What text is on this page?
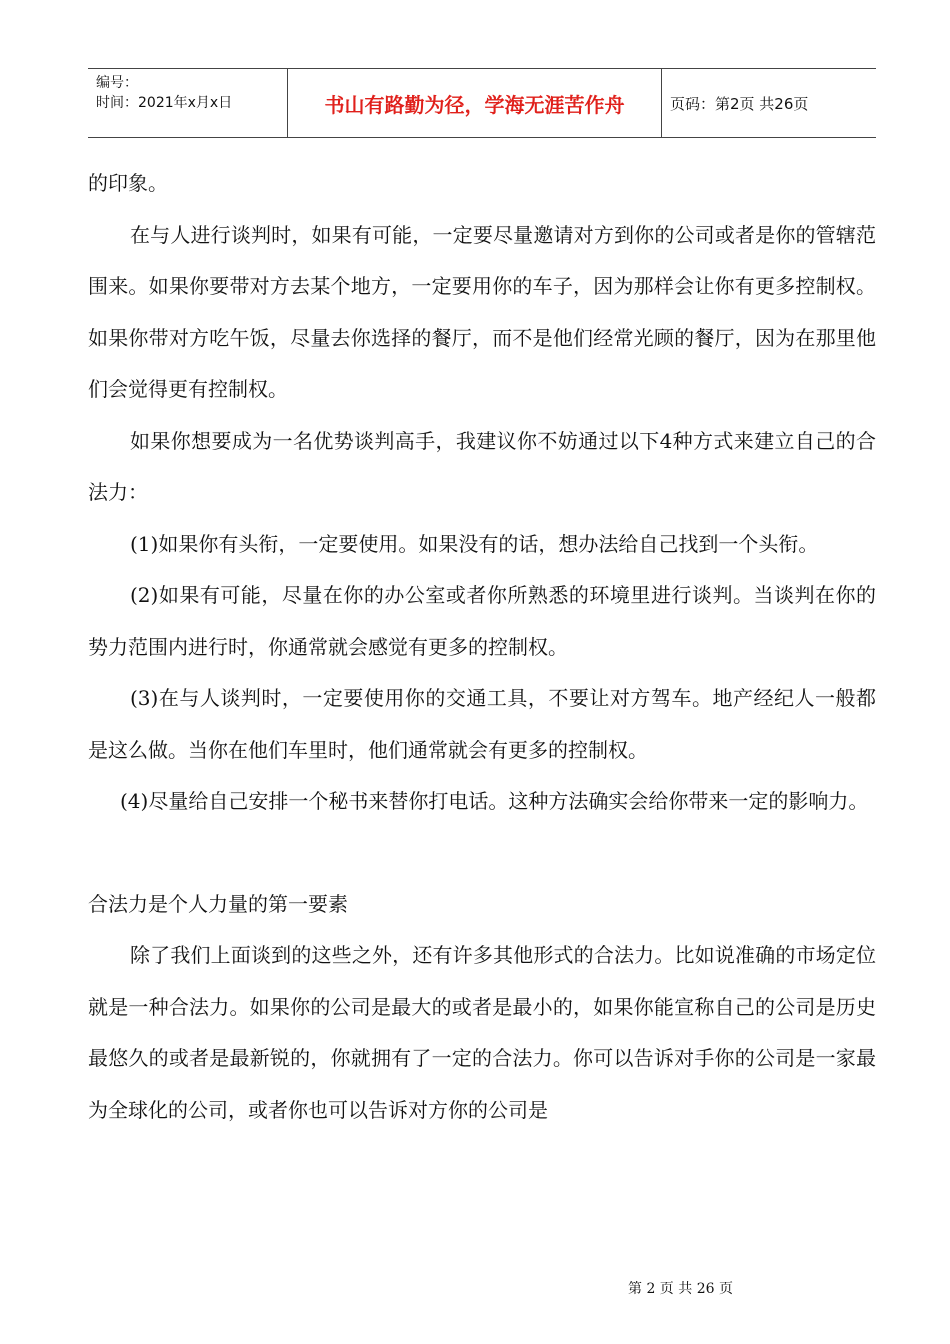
编号：
时间：2021年x月x日	书山有路勤为径，学海无涯苦作舟	页码：第2页 共26页

的印象。

在与人进行谈判时，如果有可能，一定要尽量邀请对方到你的公司或者是你的管辖范围来。如果你要带对方去某个地方，一定要用你的车子，因为那样会让你有更多控制权。如果你带对方吃午饭，尽量去你选择的餐厅，而不是他们经常光顾的餐厅，因为在那里他们会觉得更有控制权。

如果你想要成为一名优势谈判高手，我建议你不妨通过以下4种方式来建立自己的合法力：

(1)如果你有头衔，一定要使用。如果没有的话，想办法给自己找到一个头衔。

(2)如果有可能，尽量在你的办公室或者你所熟悉的环境里进行谈判。当谈判在你的势力范围内进行时，你通常就会感觉有更多的控制权。

(3)在与人谈判时，一定要使用你的交通工具，不要让对方驾车。地产经纪人一般都是这么做。当你在他们车里时，他们通常就会有更多的控制权。

(4)尽量给自己安排一个秘书来替你打电话。这种方法确实会给你带来一定的影响力。

合法力是个人力量的第一要素

除了我们上面谈到的这些之外，还有许多其他形式的合法力。比如说准确的市场定位就是一种合法力。如果你的公司是最大的或者是最小的，如果你能宣称自己的公司是历史最悠久的或者是最新锐的，你就拥有了一定的合法力。你可以告诉对手你的公司是一家最为全球化的公司，或者你也可以告诉对方你的公司是

第 2 页 共 26 页
